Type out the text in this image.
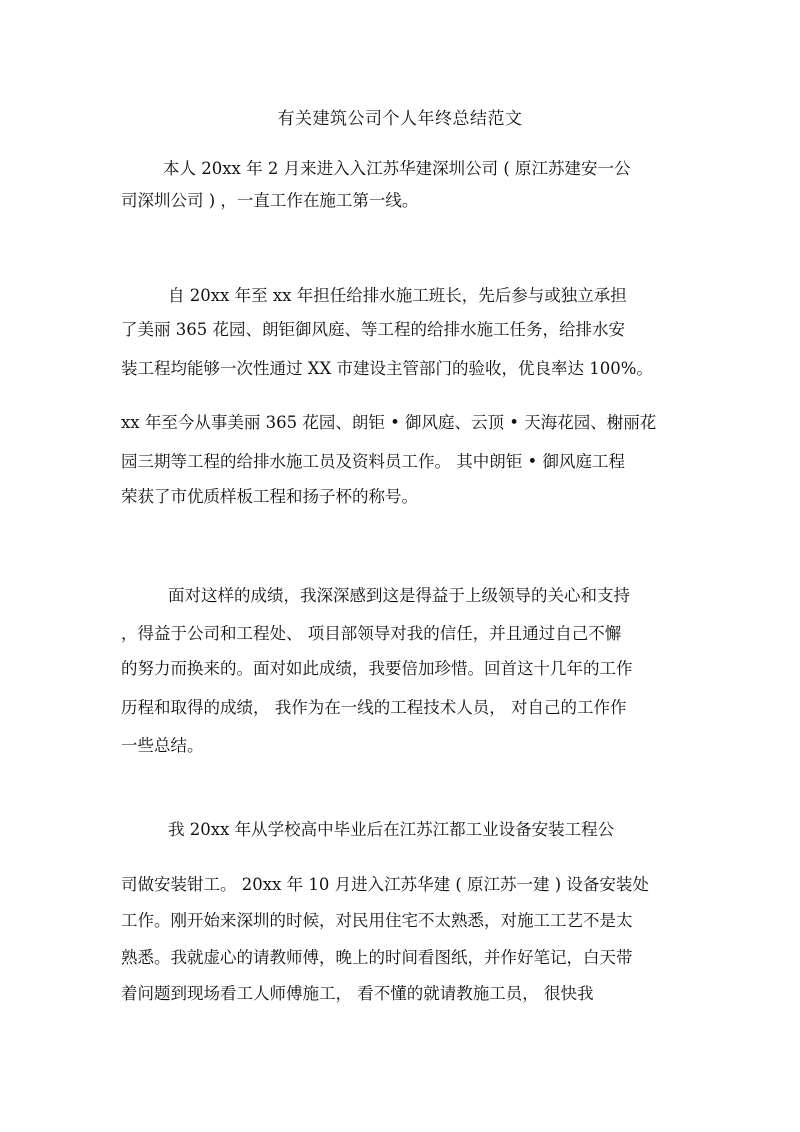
有关建筑公司个人年终总结范文
本人 20xx 年 2 月来进入入江苏华建深圳公司 ( 原江苏建安一公
司深圳公司 ) ，一直工作在施工第一线。
自 20xx 年至 xx 年担任给排水施工班长，先后参与或独立承担
了美丽 365 花园、朗钜御风庭、等工程的给排水施工任务，给排水安
装工程均能够一次性通过 XX 市建设主管部门的验收，优良率达 100%。
xx 年至今从事美丽 365 花园、朗钜 • 御风庭、云顶 • 天海花园、榭丽花
园三期等工程的给排水施工员及资料员工作。 其中朗钜 • 御风庭工程
荣获了市优质样板工程和扬子杯的称号。
面对这样的成绩，我深深感到这是得益于上级领导的关心和支持
，得益于公司和工程处、 项目部领导对我的信任，并且通过自己不懈
的努力而换来的。面对如此成绩，我要倍加珍惜。回首这十几年的工作
历程和取得的成绩， 我作为在一线的工程技术人员， 对自己的工作作
一些总结。
我 20xx 年从学校高中毕业后在江苏江都工业设备安装工程公
司做安装钳工。 20xx 年 10 月进入江苏华建 ( 原江苏一建 ) 设备安装处
工作。刚开始来深圳的时候，对民用住宅不太熟悉，对施工工艺不是太
熟悉。我就虚心的请教师傅，晚上的时间看图纸，并作好笔记，白天带
着问题到现场看工人师傅施工， 看不懂的就请教施工员， 很快我
